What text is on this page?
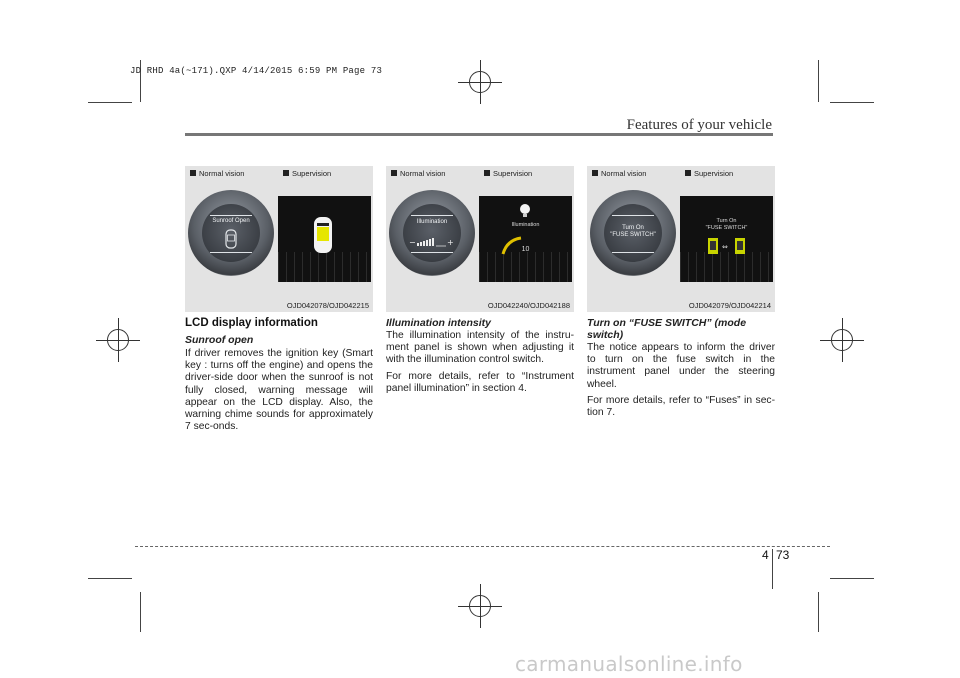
JD RHD 4a(~171).QXP 4/14/2015 6:59 PM Page 73
Features of your vehicle
Normal vision	Supervision
Sunroof Open
OJD042078/OJD042215
Normal vision	Supervision
Illumination
−	+
Illumination
10
OJD042240/OJD042188
Normal vision	Supervision
Turn On
"FUSE SWITCH"
Turn On
"FUSE SWITCH"
⇔
OJD042079/OJD042214
LCD display information
Sunroof open
If driver removes the ignition key (Smart key : turns off the engine) and opens the driver-side door when the sunroof is not fully closed, warning message will appear on the LCD display. Also, the warning chime sounds for approximately 7 sec-onds.
Illumination intensity
The illumination intensity of the instru-ment panel is shown when adjusting it with the illumination control switch.
For more details, refer to “Instrument panel illumination” in section 4.
Turn on “FUSE SWITCH” (mode switch)
The notice appears to inform the driver to turn on the fuse switch in the instrument panel under the steering wheel.
For more details, refer to “Fuses” in sec-tion 7.
4 73
carmanualsonline.info
